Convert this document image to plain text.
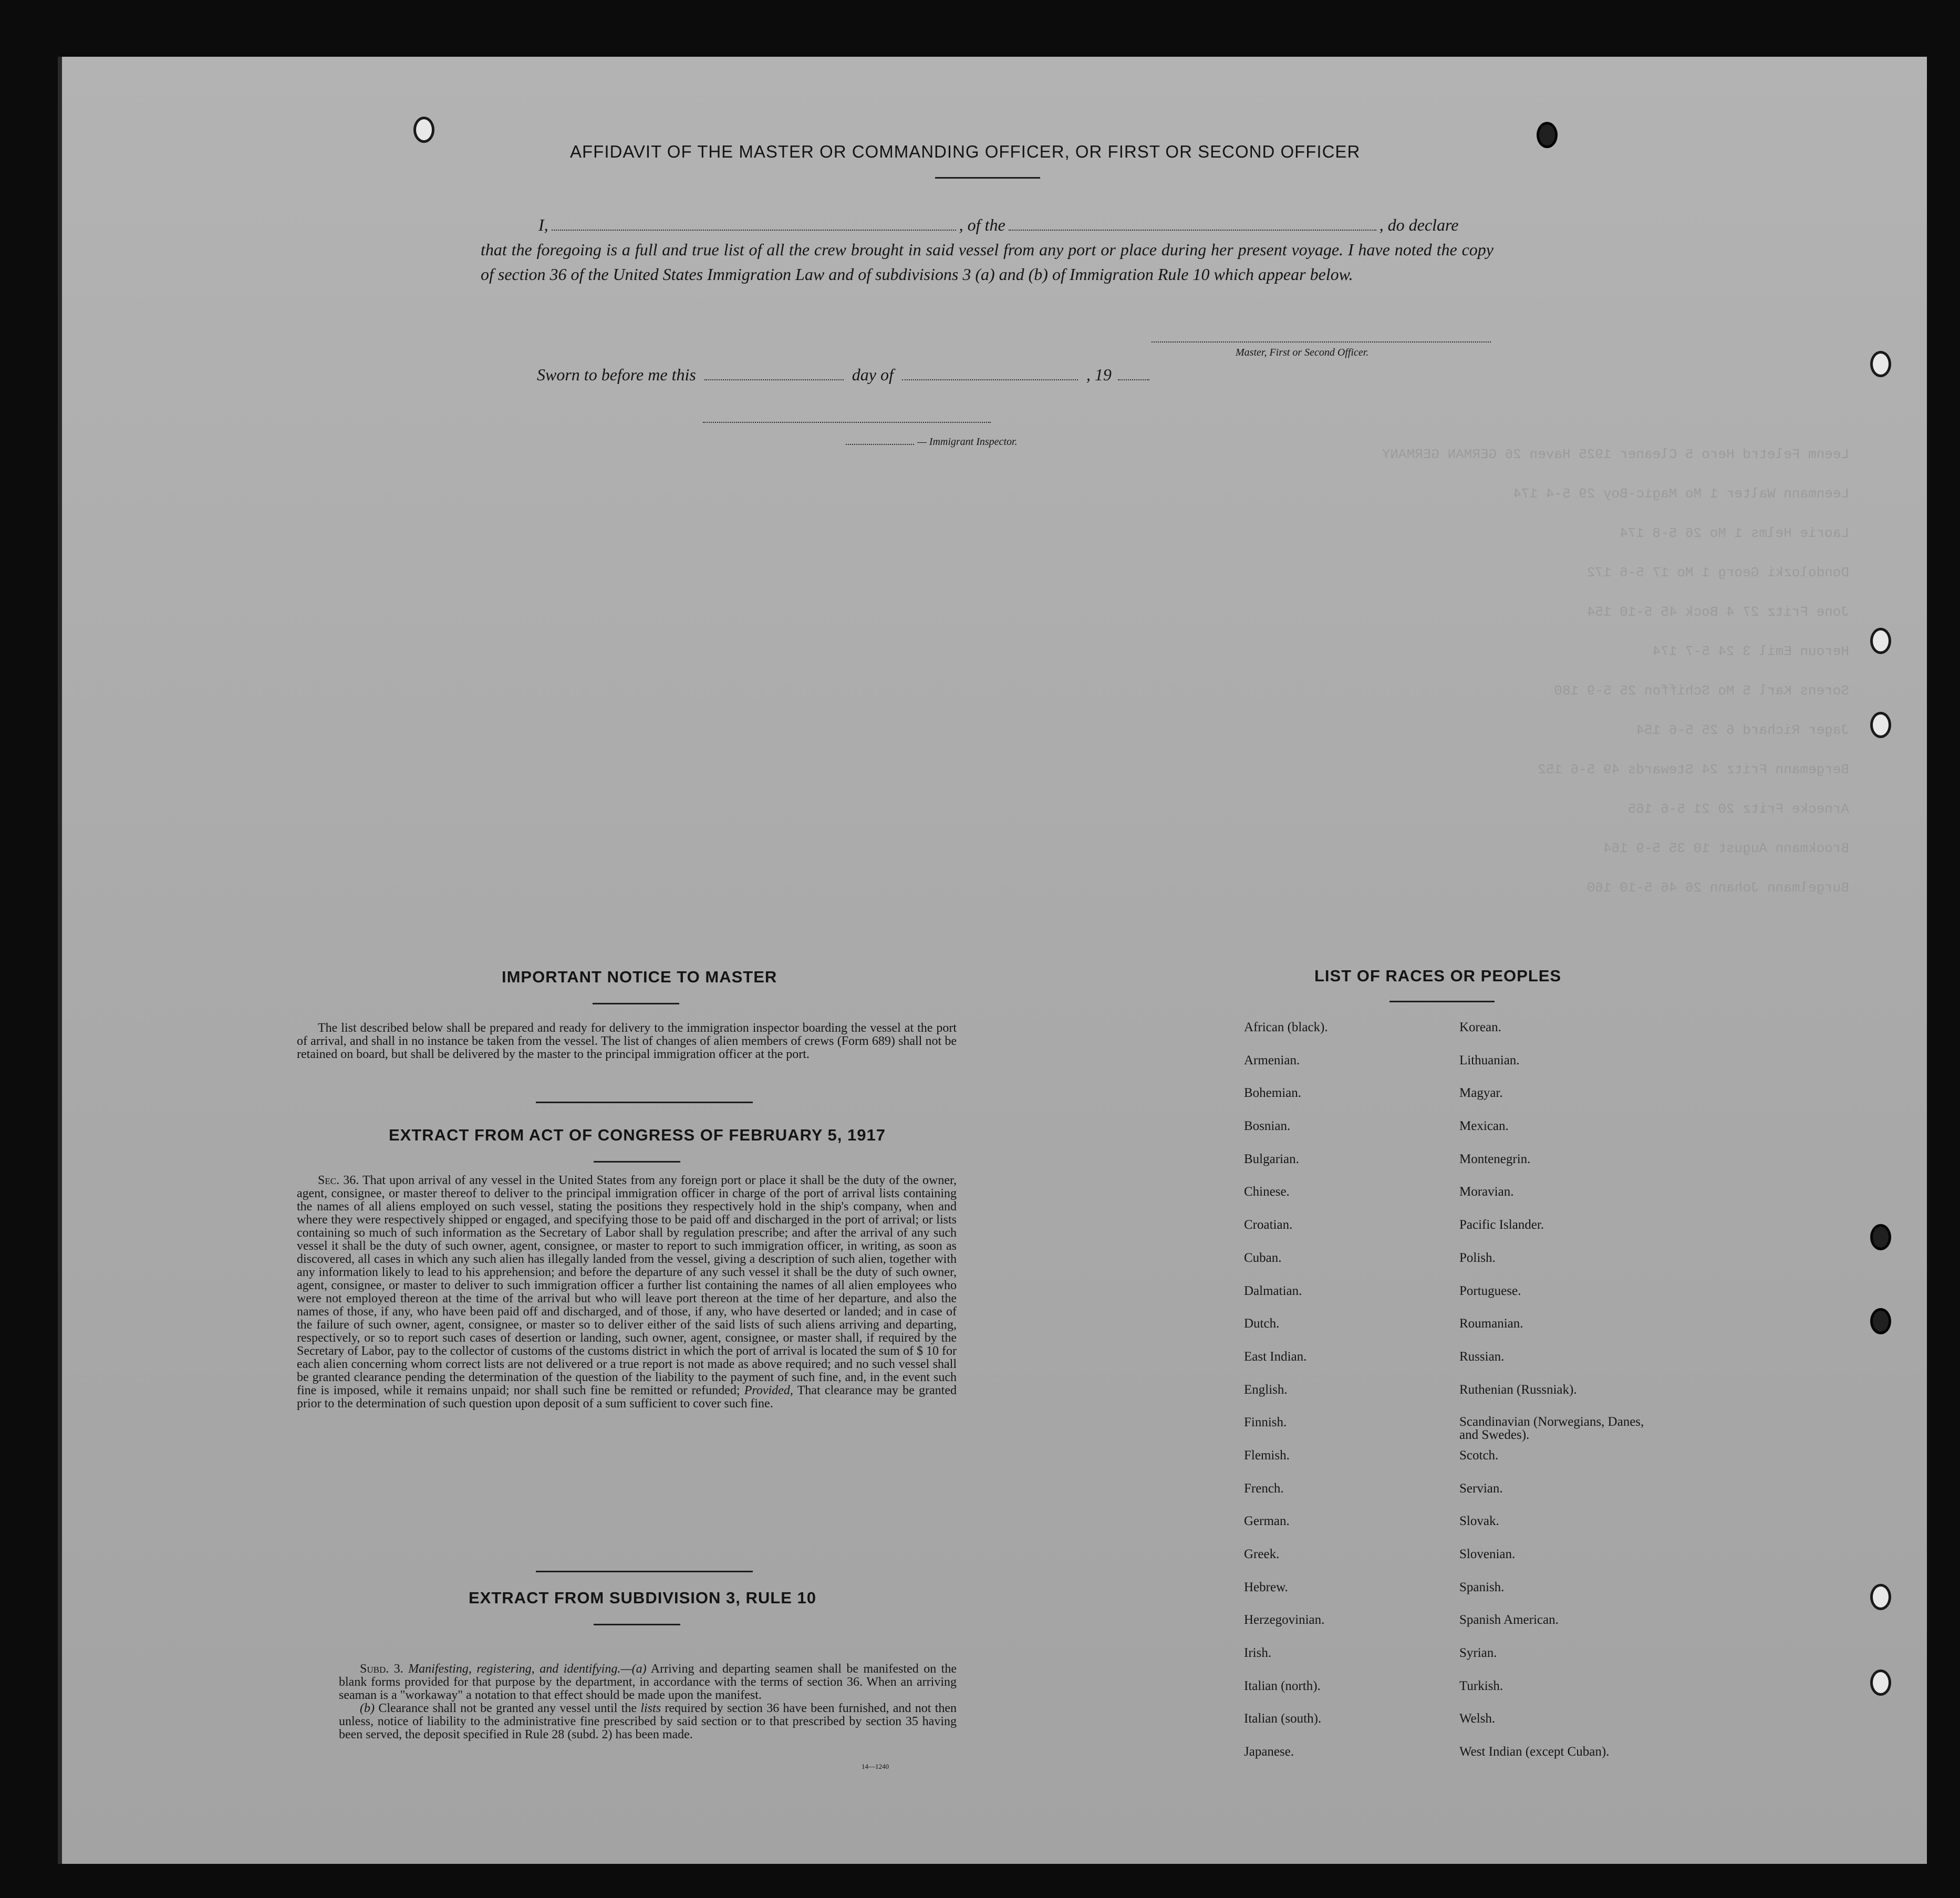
Leenm Feletrd Hero 5 Cleaner 1925 Haven 26 GERMAN GERMANY
Leenmann Walter 1 Mo Magic-Boy 29 5-4 174
Laorie Helms 1 Mo 26 5-8 174
Dondolozki Georg 1 Mo 17 5-6 172
Jone Fritz 27 4 Bock 45 5-10 154
Heroun Emil 3 24 5-7 174
Sorens Karl 5 Mo Schiffon 25 5-9 180
Jager Richard 6 25 5-6 154
Bergemann Fritz 24 Stewards 49 5-6 152
Arnecke Fritz 20 21 5-6 165
Brookmann August 10 35 5-9 164
Burgelmann Johann 26 46 5-10 160
AFFIDAVIT OF THE MASTER OR COMMANDING OFFICER, OR FIRST OR SECOND OFFICER
I,	, of the	, do declare
that the foregoing is a full and true list of all the crew brought in said vessel from any port or place during her present voyage. I have noted the copy of section 36 of the United States Immigration Law and of subdivisions 3 (a) and (b) of Immigration Rule 10 which appear below.
Master, First or Second Officer.
Sworn to before me this	day of	, 19
— Immigrant Inspector.
IMPORTANT NOTICE TO MASTER
The list described below shall be prepared and ready for delivery to the immigration inspector boarding the vessel at the port of arrival, and shall in no instance be taken from the vessel. The list of changes of alien members of crews (Form 689) shall not be retained on board, but shall be delivered by the master to the principal immigration officer at the port.
EXTRACT FROM ACT OF CONGRESS OF FEBRUARY 5, 1917
Sec. 36. That upon arrival of any vessel in the United States from any foreign port or place it shall be the duty of the owner, agent, consignee, or master thereof to deliver to the principal immigration officer in charge of the port of arrival lists containing the names of all aliens employed on such vessel, stating the positions they respectively hold in the ship's company, when and where they were respectively shipped or engaged, and specifying those to be paid off and discharged in the port of arrival; or lists containing so much of such information as the Secretary of Labor shall by regulation prescribe; and after the arrival of any such vessel it shall be the duty of such owner, agent, consignee, or master to report to such immigration officer, in writing, as soon as discovered, all cases in which any such alien has illegally landed from the vessel, giving a description of such alien, together with any information likely to lead to his apprehension; and before the departure of any such vessel it shall be the duty of such owner, agent, consignee, or master to deliver to such immigration officer a further list containing the names of all alien employees who were not employed thereon at the time of the arrival but who will leave port thereon at the time of her departure, and also the names of those, if any, who have been paid off and discharged, and of those, if any, who have deserted or landed; and in case of the failure of such owner, agent, consignee, or master so to deliver either of the said lists of such aliens arriving and departing, respectively, or so to report such cases of desertion or landing, such owner, agent, consignee, or master shall, if required by the Secretary of Labor, pay to the collector of customs of the customs district in which the port of arrival is located the sum of $ 10 for each alien concerning whom correct lists are not delivered or a true report is not made as above required; and no such vessel shall be granted clearance pending the determination of the question of the liability to the payment of such fine, and, in the event such fine is imposed, while it remains unpaid; nor shall such fine be remitted or refunded; Provided, That clearance may be granted prior to the determination of such question upon deposit of a sum sufficient to cover such fine.
EXTRACT FROM SUBDIVISION 3, RULE 10
Subd. 3. Manifesting, registering, and identifying.—(a) Arriving and departing seamen shall be manifested on the blank forms provided for that purpose by the department, in accordance with the terms of section 36. When an arriving seaman is a "workaway" a notation to that effect should be made upon the manifest.
(b) Clearance shall not be granted any vessel until the lists required by section 36 have been furnished, and not then unless, notice of liability to the administrative fine prescribed by said section or to that prescribed by section 35 having been served, the deposit specified in Rule 28 (subd. 2) has been made.
14—1240
LIST OF RACES OR PEOPLES
African (black).
Armenian.
Bohemian.
Bosnian.
Bulgarian.
Chinese.
Croatian.
Cuban.
Dalmatian.
Dutch.
East Indian.
English.
Finnish.
Flemish.
French.
German.
Greek.
Hebrew.
Herzegovinian.
Irish.
Italian (north).
Italian (south).
Japanese.
Korean.
Lithuanian.
Magyar.
Mexican.
Montenegrin.
Moravian.
Pacific Islander.
Polish.
Portuguese.
Roumanian.
Russian.
Ruthenian (Russniak).
Scandinavian (Norwegians, Danes, and Swedes).
Scotch.
Servian.
Slovak.
Slovenian.
Spanish.
Spanish American.
Syrian.
Turkish.
Welsh.
West Indian (except Cuban).
